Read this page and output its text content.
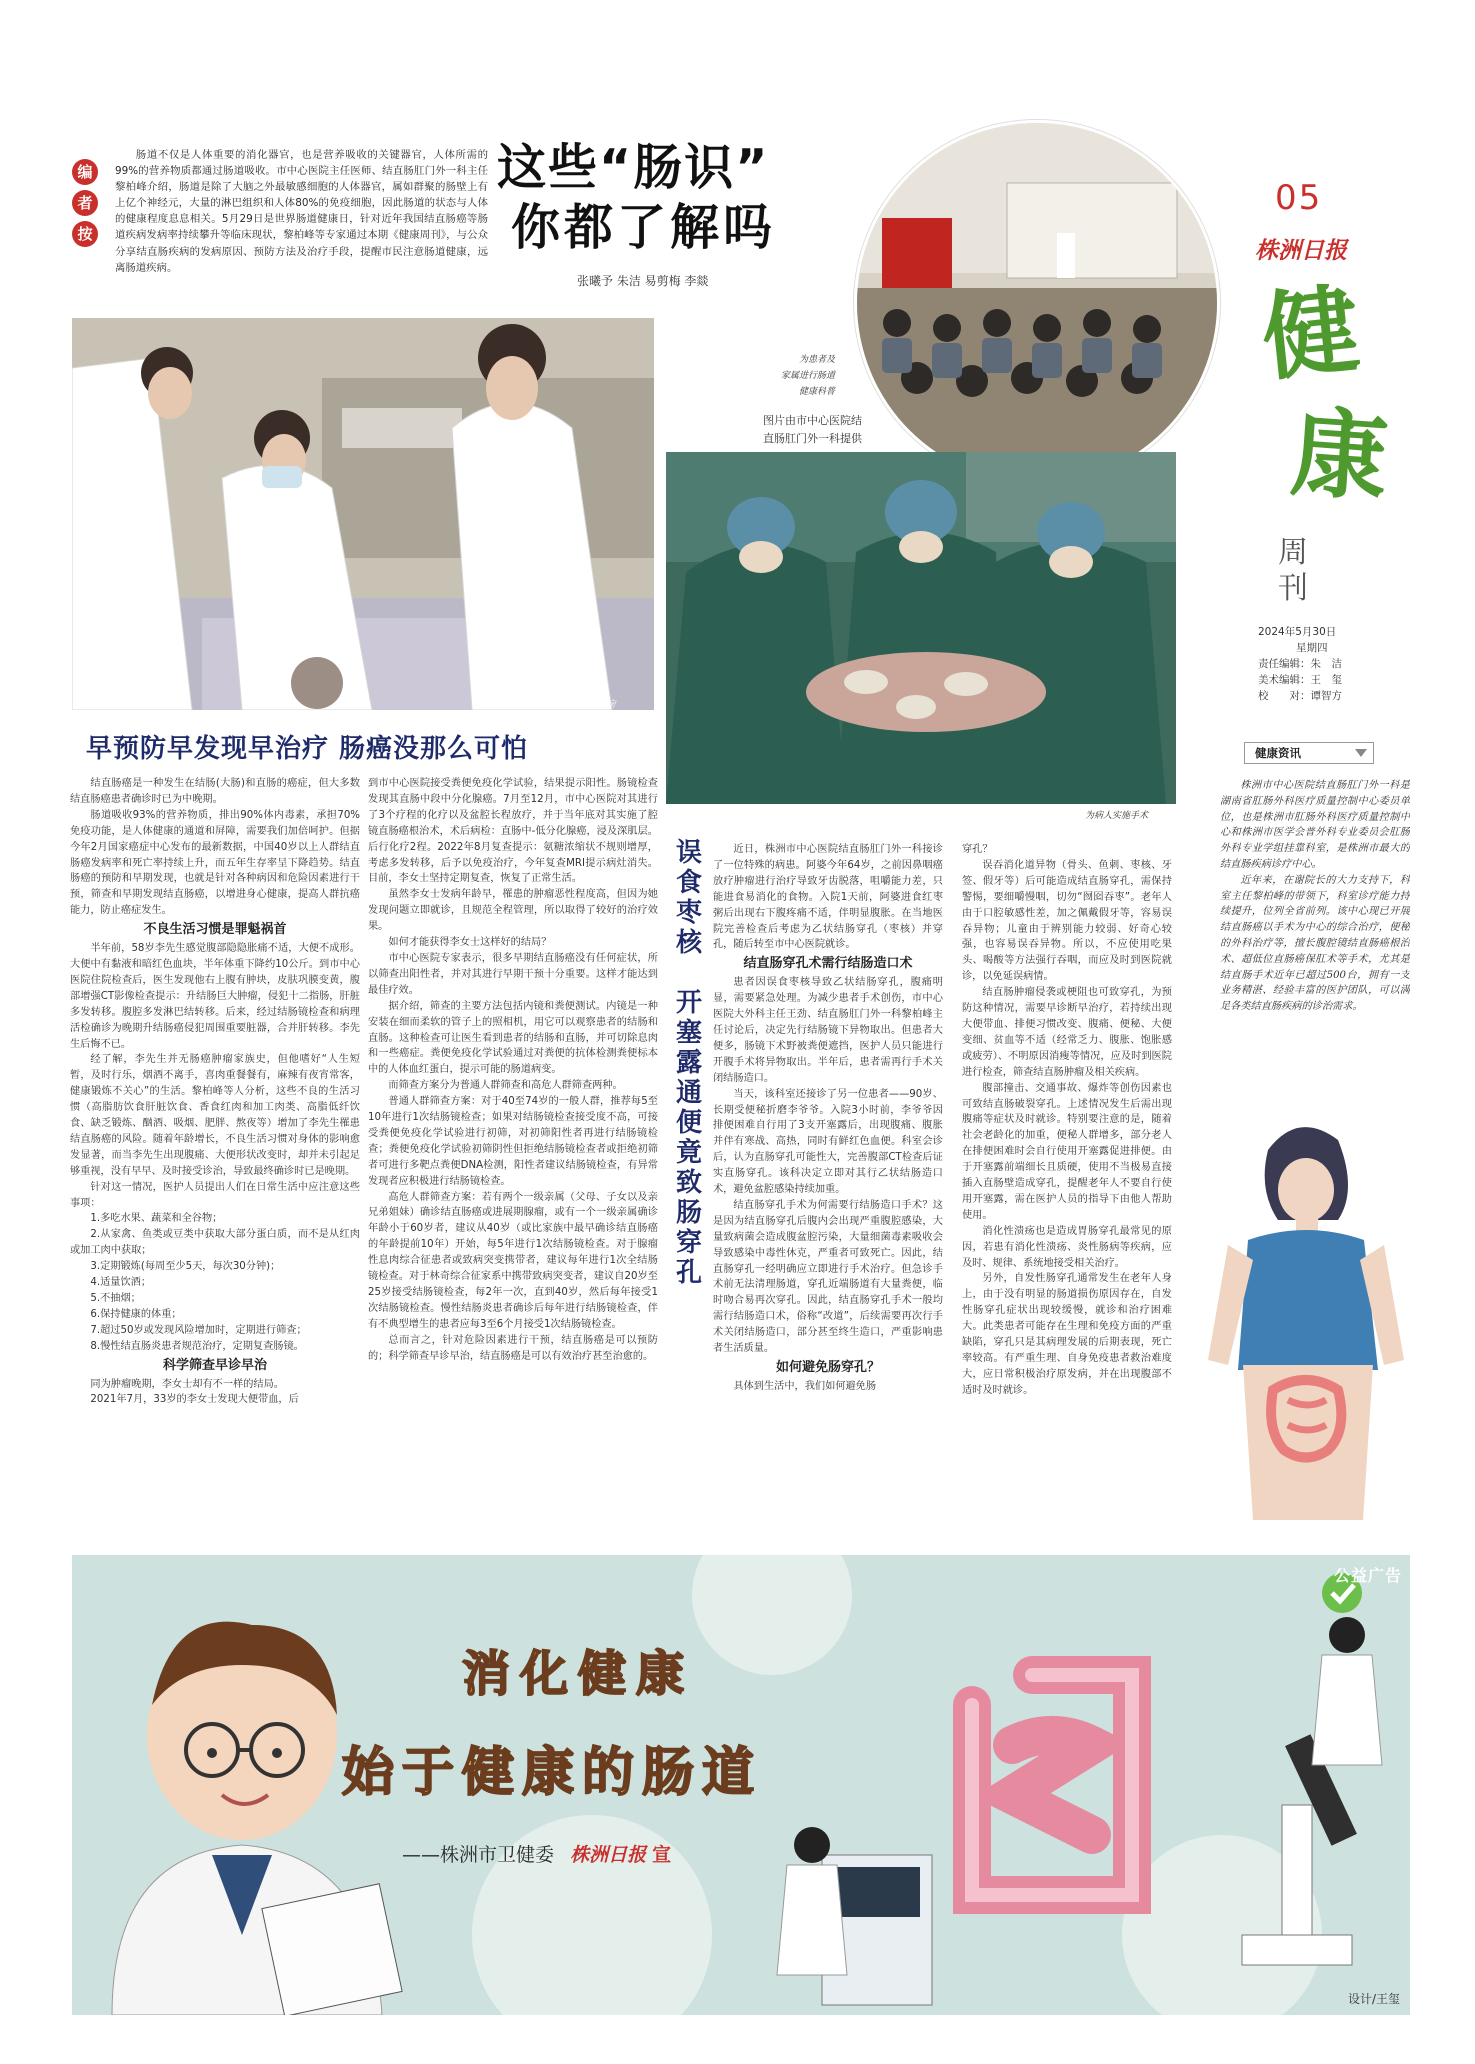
编
者
按
肠道不仅是人体重要的消化器官，也是营养吸收的关键器官，人体所需的99%的营养物质都通过肠道吸收。市中心医院主任医师、结直肠肛门外一科主任黎柏峰介绍，肠道是除了大脑之外最敏感细胞的人体器官，属如群聚的肠壁上有上亿个神经元，大量的淋巴组织和人体80%的免疫细胞，因此肠道的状态与人体的健康程度息息相关。5月29日是世界肠道健康日，针对近年我国结直肠癌等肠道疾病发病率持续攀升等临床现状，黎柏峰等专家通过本期《健康周刊》，与公众分享结直肠疾病的发病原因、预防方法及治疗手段，提醒市民注意肠道健康，远离肠道疾病。
这些“肠识”
你都了解吗
张曦予 朱洁 易剪梅 李燚
为患者及
家属进行肠道
健康科普
图片由市中心医院结
直肠肛门外一科提供
05
株洲日报
健
康
周
刊
2024年5月30日
星期四
责任编辑：朱　洁
美术编辑：王　玺
校　　对：谭智方
专家查房
为病人实施手术
早预防早发现早治疗 肠癌没那么可怕

结直肠癌是一种发生在结肠(大肠)和直肠的癌症，但大多数结直肠癌患者确诊时已为中晚期。

肠道吸收93%的营养物质，排出90%体内毒素，承担70%免疫功能，是人体健康的通道和屏障，需要我们加倍呵护。但据今年2月国家癌症中心发布的最新数据，中国40岁以上人群结直肠癌发病率和死亡率持续上升，而五年生存率呈下降趋势。结直肠癌的预防和早期发现，也就是针对各种病因和危险因素进行干预，筛查和早期发现结直肠癌，以增进身心健康，提高人群抗癌能力，防止癌症发生。

不良生活习惯是罪魁祸首

半年前，58岁李先生感觉腹部隐隐胀痛不适，大便不成形。大便中有黏液和暗红色血块，半年体重下降约10公斤。到市中心医院住院检查后，医生发现他右上腹有肿块，皮肤巩膜变黄，腹部增强CT影像检查提示：升结肠巨大肿瘤，侵犯十二指肠，肝脏多发转移。腹腔多发淋巴结转移。后来，经过结肠镜检查和病理活检确诊为晚期升结肠癌侵犯周围重要脏器，合并肝转移。李先生后悔不已。

经了解，李先生并无肠癌肿瘤家族史，但他嗜好“人生短暂，及时行乐，烟酒不离手，喜肉重餐餐有，麻辣有夜宵常客，健康锻炼不关心”的生活。黎柏峰等人分析，这些不良的生活习惯（高脂肪饮食肝脏饮食、香食红肉和加工肉类、高脂低纤饮食、缺乏锻炼、酗酒、吸烟、肥胖、熬夜等）增加了李先生罹患结直肠癌的风险。随着年龄增长，不良生活习惯对身体的影响愈发显著，而当李先生出现腹痛、大便形状改变时，却并未引起足够重视，没有早早、及时接受诊治，导致最终确诊时已是晚期。

针对这一情况，医护人员提出人们在日常生活中应注意这些事项：

1.多吃水果、蔬菜和全谷物；

2.从家禽、鱼类或豆类中获取大部分蛋白质，而不是从红肉或加工肉中获取；

3.定期锻炼(每周至少5天，每次30分钟)；

4.适量饮酒；

5.不抽烟；

6.保持健康的体重；

7.超过50岁或发现风险增加时，定期进行筛查；

8.慢性结直肠炎患者规范治疗，定期复查肠镜。

科学筛查早诊早治

同为肿瘤晚期，李女士却有不一样的结局。

2021年7月，33岁的李女士发现大便带血，后

到市中心医院接受粪便免疫化学试验，结果提示阳性。肠镜检查发现其直肠中段中分化腺癌。7月至12月，市中心医院对其进行了3个疗程的化疗以及盆腔长程放疗，并于当年底对其实施了腔镜直肠癌根治术，术后病检：直肠中-低分化腺癌，浸及深肌层。后行化疗2程。2022年8月复查提示：氨糖浓缩状不规则增厚，考虑多发转移，后予以免疫治疗，今年复查MRI提示病灶消失。目前，李女士坚持定期复查，恢复了正常生活。

虽然李女士发病年龄早，罹患的肿瘤恶性程度高，但因为她发现问题立即就诊，且规范全程管理，所以取得了较好的治疗效果。

如何才能获得李女士这样好的结局？

市中心医院专家表示，很多早期结直肠癌没有任何症状，所以筛查出阳性者，并对其进行早期干预十分重要。这样才能达到最佳疗效。

据介绍，筛查的主要方法包括内镜和粪便测试。内镜是一种安装在细而柔软的管子上的照相机，用它可以观察患者的结肠和直肠。这种检查可让医生看到患者的结肠和直肠，并可切除息肉和一些癌症。粪便免疫化学试验通过对粪便的抗体检测粪便标本中的人体血红蛋白，提示可能的肠道病变。

而筛查方案分为普通人群筛查和高危人群筛查两种。

普通人群筛查方案：对于40至74岁的一般人群，推荐每5至10年进行1次结肠镜检查；如果对结肠镜检查接受度不高，可接受粪便免疫化学试验进行初筛，对初筛阳性者再进行结肠镜检查；粪便免疫化学试验初筛阴性但拒绝结肠镜检查者或拒绝初筛者可进行多靶点粪便DNA检测，阳性者建议结肠镜检查，有异常发现者应积极进行结肠镜检查。

高危人群筛查方案：若有两个一级亲属（父母、子女以及亲兄弟姐妹）确诊结直肠癌或进展期腺瘤，或有一个一级亲属确诊年龄小于60岁者，建议从40岁（或比家族中最早确诊结直肠癌的年龄提前10年）开始，每5年进行1次结肠镜检查。对于腺瘤性息肉综合征患者或致病突变携带者，建议每年进行1次全结肠镜检查。对于林奇综合征家系中携带致病突变者，建议自20岁至25岁接受结肠镜检查，每2年一次，直到40岁，然后每年接受1次结肠镜检查。慢性结肠炎患者确诊后每年进行结肠镜检查，伴有不典型增生的患者应每3至6个月接受1次结肠镜检查。

总而言之，针对危险因素进行干预，结直肠癌是可以预防的；科学筛查早诊早治，结直肠癌是可以有效治疗甚至治愈的。

误
食
枣
核

开
塞
露
通
便
竟
致
肠
穿
孔

近日，株洲市中心医院结直肠肛门外一科接诊了一位特殊的病患。阿婆今年64岁，之前因鼻咽癌放疗肿瘤进行治疗导致牙齿脱落，咀嚼能力差，只能进食易消化的食物。入院1天前，阿婆进食红枣粥后出现右下腹疼痛不适，伴明显腹胀。在当地医院完善检查后考虑为乙状结肠穿孔（枣核）并穿孔，随后转至市中心医院就诊。

结直肠穿孔术需行结肠造口术

患者因误食枣核导致乙状结肠穿孔，腹痛明显，需要紧急处理。为减少患者手术创伤，市中心医院大外科主任王劲、结直肠肛门外一科黎柏峰主任讨论后，决定先行结肠镜下异物取出。但患者大便多，肠镜下术野被粪便遮挡，医护人员只能进行开腹手术将异物取出。半年后，患者需再行手术关闭结肠造口。

当天，该科室还接诊了另一位患者——90岁、长期受便秘折磨李爷爷。入院3小时前，李爷爷因排便困难自行用了3支开塞露后，出现腹痛、腹胀并伴有寒战、高热，同时有鲜红色血便。科室会诊后，认为直肠穿孔可能性大，完善腹部CT检查后证实直肠穿孔。该科决定立即对其行乙状结肠造口术，避免盆腔感染持续加重。

结直肠穿孔手术为何需要行结肠造口手术？这是因为结直肠穿孔后腹内会出现严重腹腔感染，大量致病菌会造成腹盆腔污染，大量细菌毒素吸收会导致感染中毒性休克，严重者可致死亡。因此，结直肠穿孔一经明确应立即进行手术治疗。但急诊手术前无法清理肠道，穿孔近端肠道有大量粪便，临时吻合易再次穿孔。因此，结直肠穿孔手术一般均需行结肠造口术，俗称“改道”，后续需要再次行手术关闭结肠造口，部分甚至终生造口，严重影响患者生活质量。

如何避免肠穿孔？

具体到生活中，我们如何避免肠

穿孔？

误吞消化道异物（骨头、鱼刺、枣核、牙签、假牙等）后可能造成结直肠穿孔，需保持警惕，要细嚼慢咽，切勿“囫囵吞枣”。老年人由于口腔敏感性差，加之佩戴假牙等，容易误吞异物；儿童由于辨别能力较弱、好奇心较强，也容易误吞异物。所以，不应使用吃果头、喝酸等方法强行吞咽，而应及时到医院就诊，以免延误病情。

结直肠肿瘤侵袭或梗阻也可致穿孔，为预防这种情况，需要早诊断早治疗，若持续出现大便带血、排便习惯改变、腹痛、便秘、大便变细、贫血等不适（经常乏力、腹胀、饱胀感或疲劳）、不明原因消瘦等情况，应及时到医院进行检查，筛查结直肠肿瘤及相关疾病。

腹部撞击、交通事故、爆炸等创伤因素也可致结直肠破裂穿孔。上述情况发生后需出现腹痛等症状及时就诊。特别要注意的是，随着社会老龄化的加重，便秘人群增多，部分老人在排便困难时会自行使用开塞露促进排便。由于开塞露前端细长且质硬，使用不当极易直接插入直肠壁造成穿孔，提醒老年人不要自行使用开塞露，需在医护人员的指导下由他人帮助使用。

消化性溃疡也是造成胃肠穿孔最常见的原因，若患有消化性溃疡、炎性肠病等疾病，应及时、规律、系统地接受相关治疗。

另外，自发性肠穿孔通常发生在老年人身上，由于没有明显的肠道损伤原因存在，自发性肠穿孔症状出现较缓慢，就诊和治疗困难大。此类患者可能存在生理和免疫方面的严重缺陷，穿孔只是其病理发展的后期表现，死亡率较高。有严重生理、自身免疫患者救治难度大，应日常积极治疗原发病，并在出现腹部不适时及时就诊。

健康资讯

株洲市中心医院结直肠肛门外一科是湖南省肛肠外科医疗质量控制中心委员单位，也是株洲市肛肠外科医疗质量控制中心和株洲市医学会普外科专业委员会肛肠外科专业学组挂靠科室，是株洲市最大的结直肠疾病诊疗中心。

近年来，在谢院长的大力支持下，科室主任黎柏峰的带领下，科室诊疗能力持续提升，位列全省前列。该中心现已开展结直肠癌以手术为中心的综合治疗，便秘的外科治疗等，擅长腹腔镜结直肠癌根治术、超低位直肠癌保肛术等手术，尤其是结直肠手术近年已超过500台，拥有一支业务精湛、经验丰富的医护团队，可以满足各类结直肠疾病的诊治需求。

公益广告
消化健康
始于健康的肠道
——株洲市卫健委 株洲日报 宣
设计/王玺
